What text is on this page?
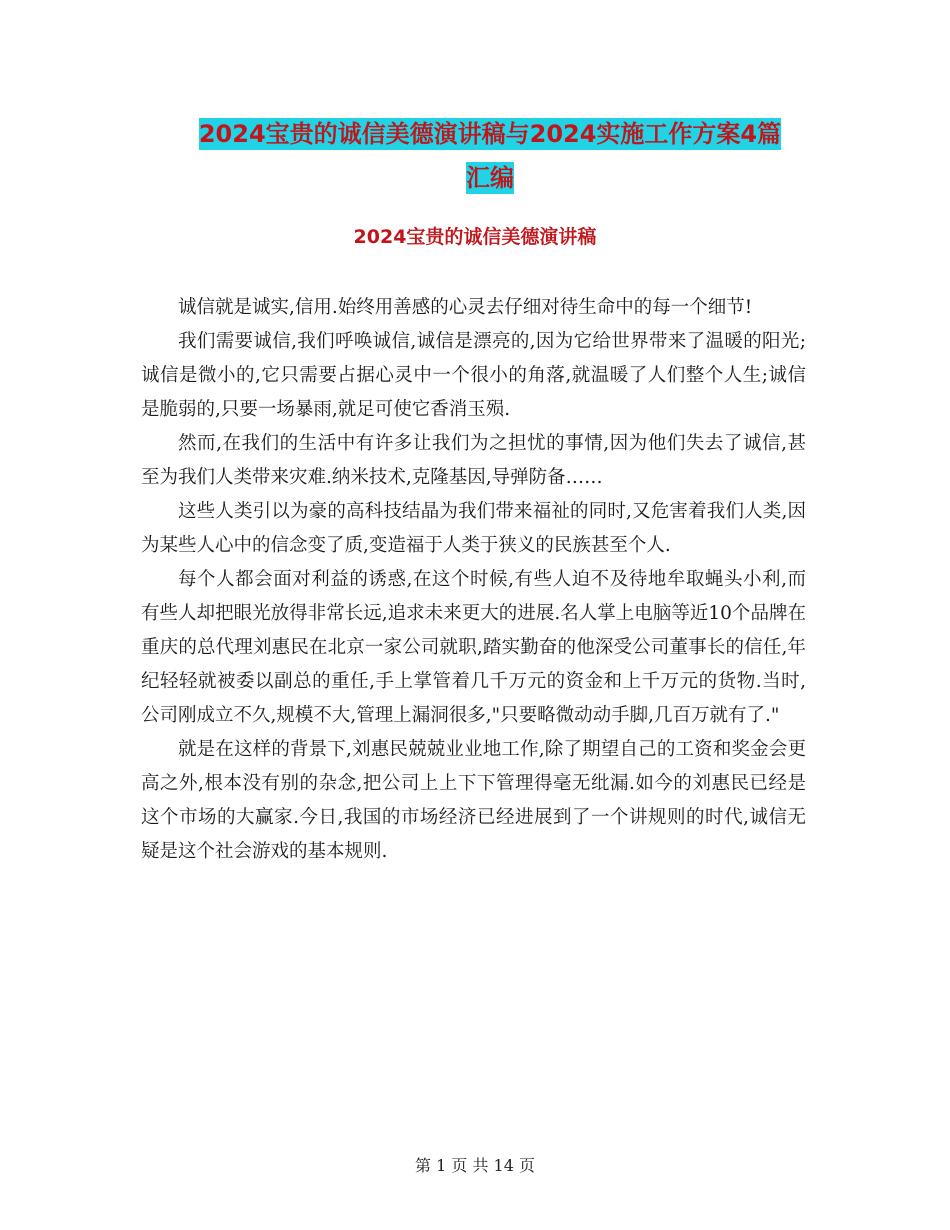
2024宝贵的诚信美德演讲稿与2024实施工作方案4篇
汇编
2024宝贵的诚信美德演讲稿

诚信就是诚实,信用.始终用善感的心灵去仔细对待生命中的每一个细节!

我们需要诚信,我们呼唤诚信,诚信是漂亮的,因为它给世界带来了温暖的阳光;诚信是微小的,它只需要占据心灵中一个很小的角落,就温暖了人们整个人生;诚信是脆弱的,只要一场暴雨,就足可使它香消玉殒.

然而,在我们的生活中有许多让我们为之担忧的事情,因为他们失去了诚信,甚至为我们人类带来灾难.纳米技术,克隆基因,导弹防备……

这些人类引以为豪的高科技结晶为我们带来福祉的同时,又危害着我们人类,因为某些人心中的信念变了质,变造福于人类于狭义的民族甚至个人.

每个人都会面对利益的诱惑,在这个时候,有些人迫不及待地牟取蝇头小利,而有些人却把眼光放得非常长远,追求未来更大的进展.名人掌上电脑等近10个品牌在重庆的总代理刘惠民在北京一家公司就职,踏实勤奋的他深受公司董事长的信任,年纪轻轻就被委以副总的重任,手上掌管着几千万元的资金和上千万元的货物.当时,公司刚成立不久,规模不大,管理上漏洞很多,"只要略微动动手脚,几百万就有了."

就是在这样的背景下,刘惠民兢兢业业地工作,除了期望自己的工资和奖金会更高之外,根本没有别的杂念,把公司上上下下管理得毫无纰漏.如今的刘惠民已经是这个市场的大赢家.今日,我国的市场经济已经进展到了一个讲规则的时代,诚信无疑是这个社会游戏的基本规则.

第 1 页 共 14 页
